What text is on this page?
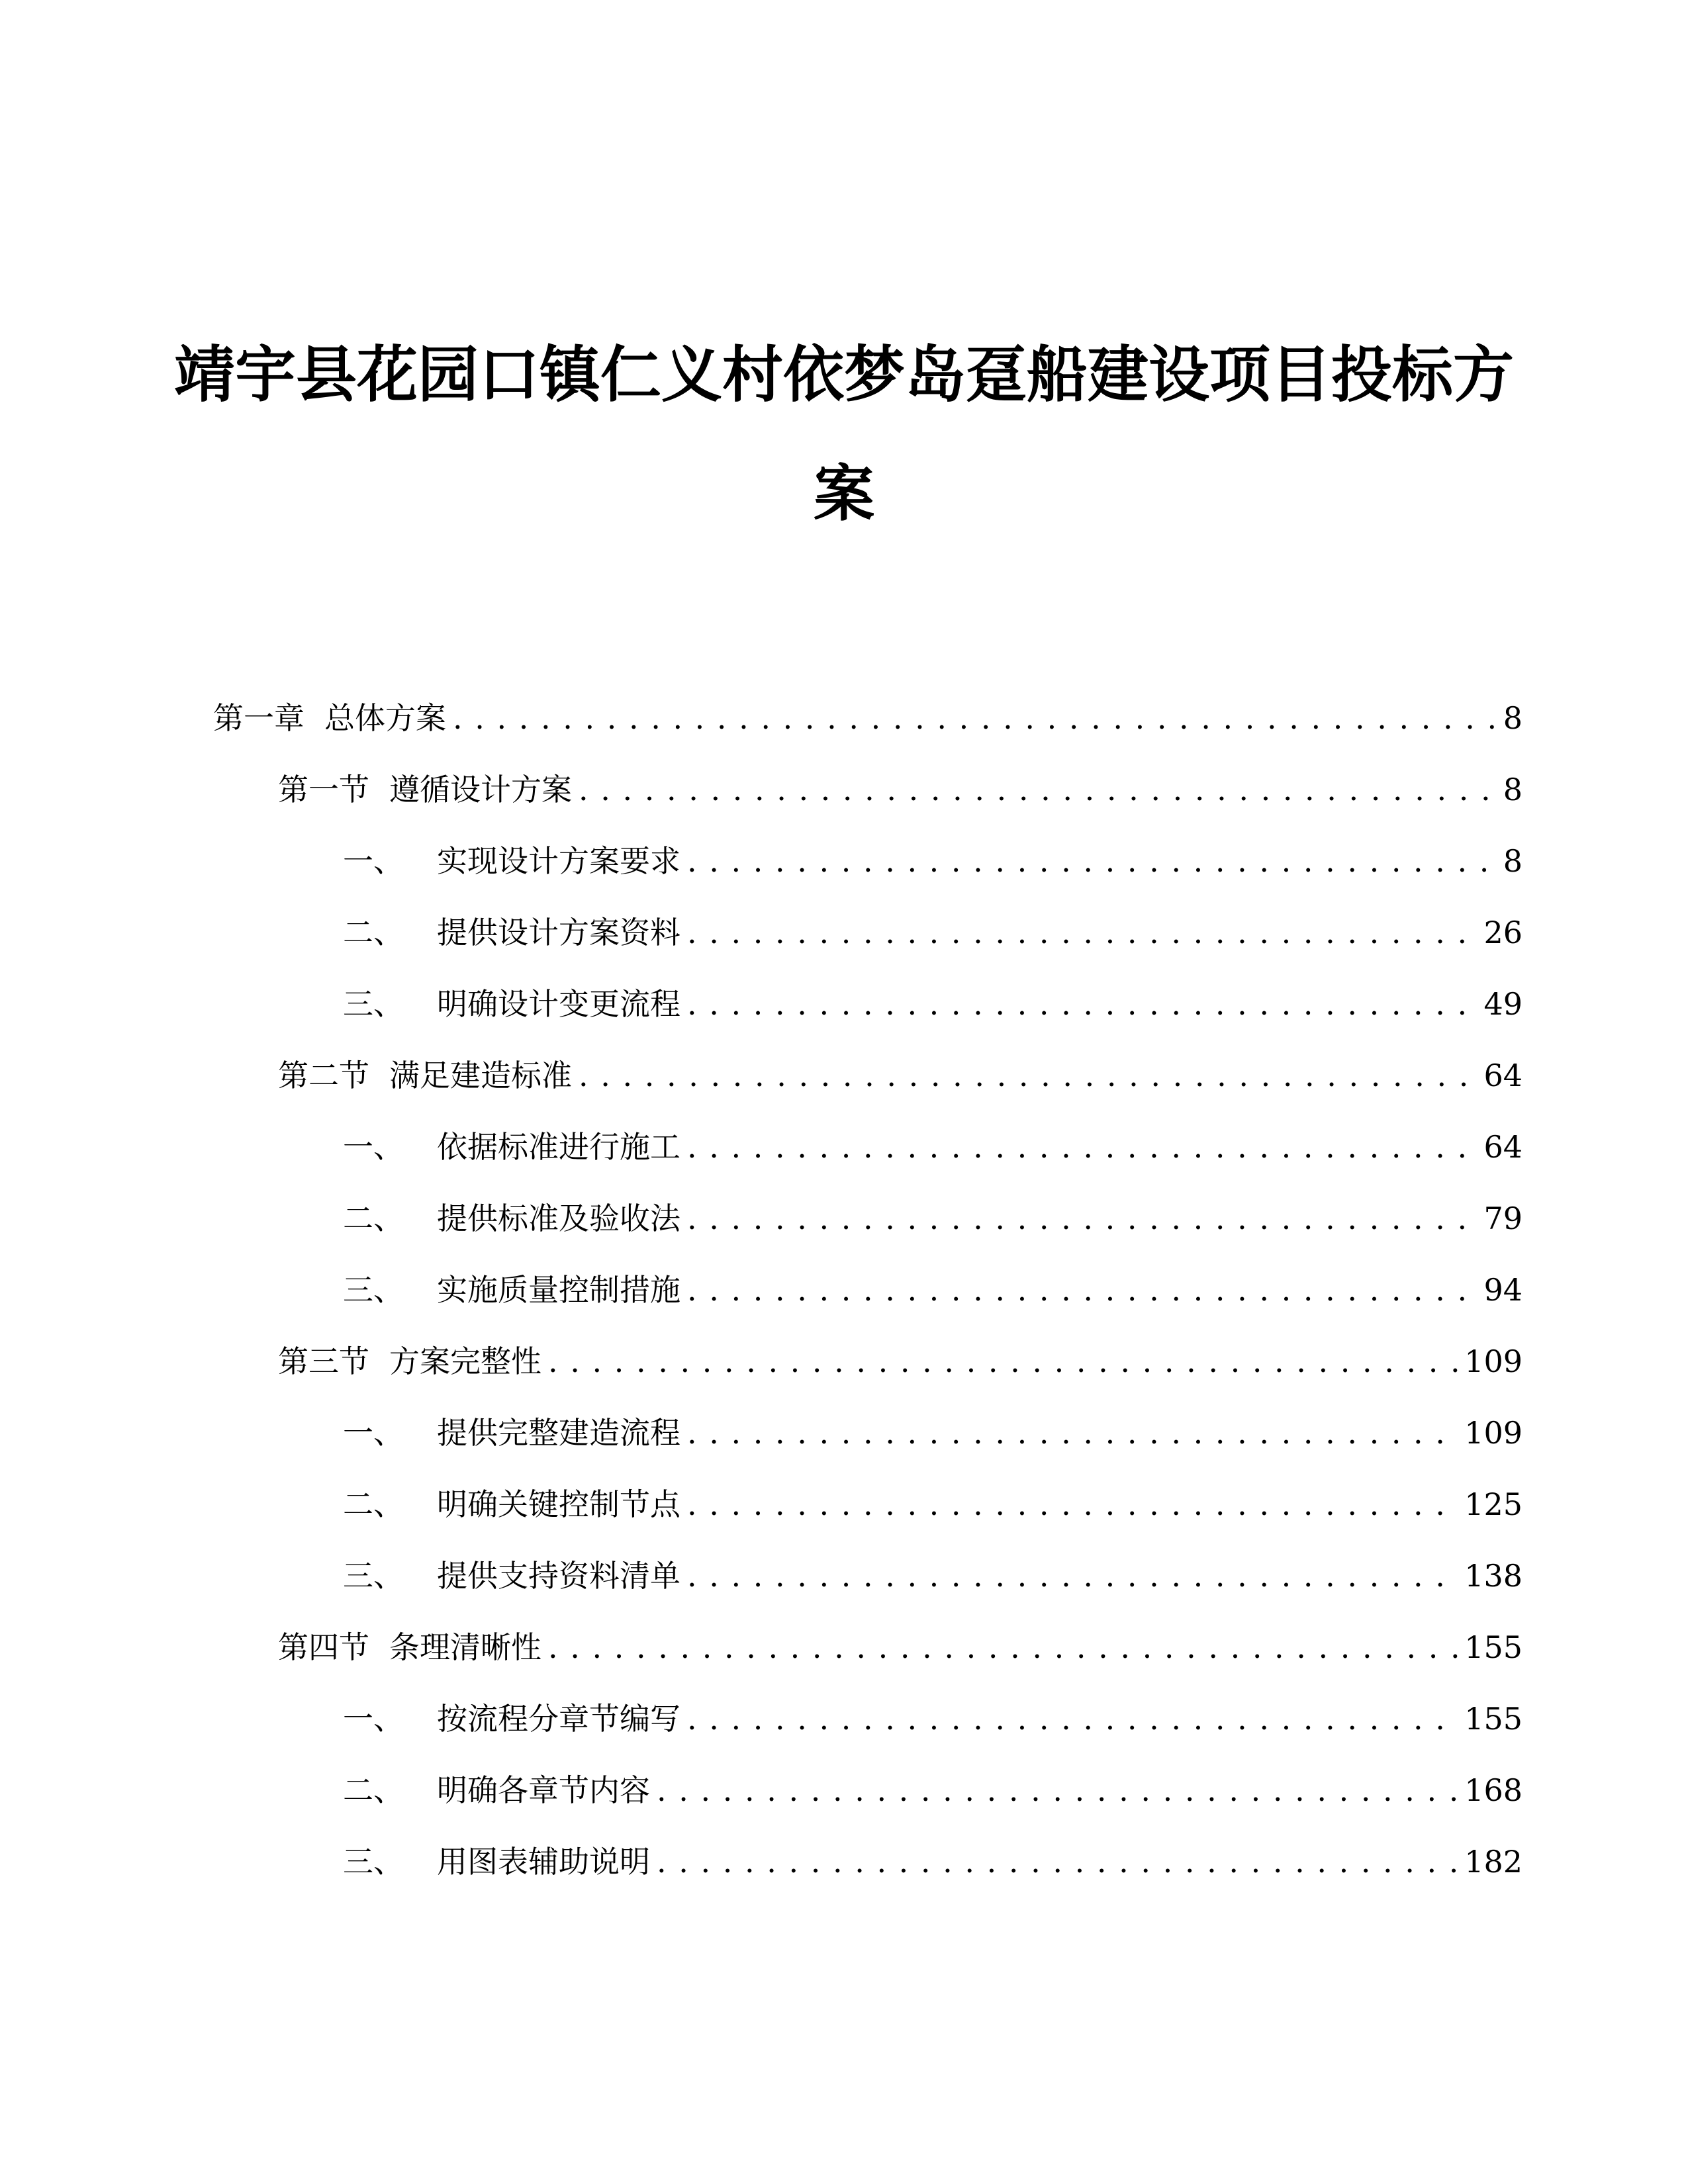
靖宇县花园口镇仁义村依梦岛趸船建设项目投标方
案
第一章 总体方案 . . .	8
第一节 遵循设计方案 . . .	8
一、 实现设计方案要求 . . .	8
二、 提供设计方案资料 . . .	26
三、 明确设计变更流程 . . .	49
第二节 满足建造标准 . . .	64
一、 依据标准进行施工 . . .	64
二、 提供标准及验收法 . . .	79
三、 实施质量控制措施 . . .	94
第三节 方案完整性 . . .	109
一、 提供完整建造流程 . . .	109
二、 明确关键控制节点 . . .	125
三、 提供支持资料清单 . . .	138
第四节 条理清晰性 . . .	155
一、 按流程分章节编写 . . .	155
二、 明确各章节内容 . . .	168
三、 用图表辅助说明 . . .	182
